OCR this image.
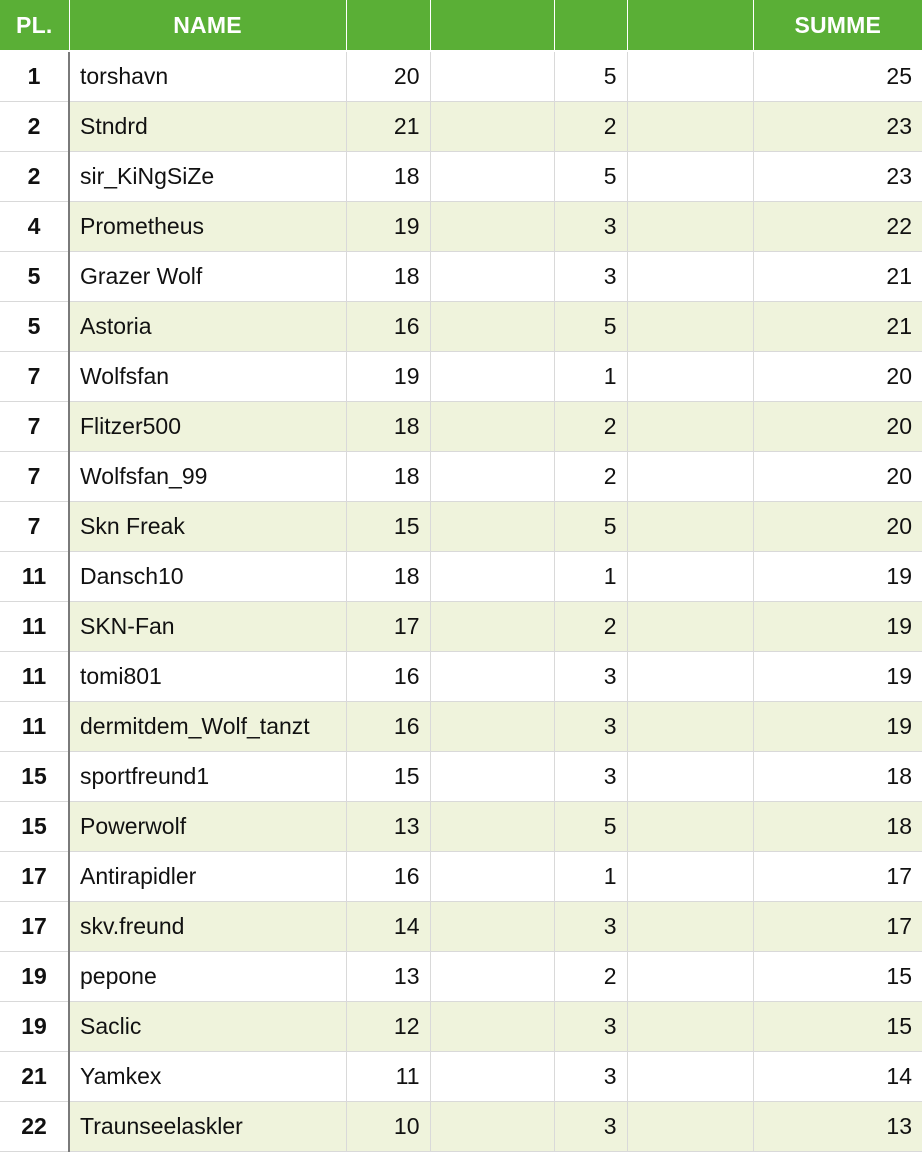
PL.	NAME					SUMME
1	torshavn	20		5		25
2	Stndrd	21		2		23
2	sir_KiNgSiZe	18		5		23
4	Prometheus	19		3		22
5	Grazer Wolf	18		3		21
5	Astoria	16		5		21
7	Wolfsfan	19		1		20
7	Flitzer500	18		2		20
7	Wolfsfan_99	18		2		20
7	Skn Freak	15		5		20
11	Dansch10	18		1		19
11	SKN-Fan	17		2		19
11	tomi801	16		3		19
11	dermitdem_Wolf_tanzt	16		3		19
15	sportfreund1	15		3		18
15	Powerwolf	13		5		18
17	Antirapidler	16		1		17
17	skv.freund	14		3		17
19	pepone	13		2		15
19	Saclic	12		3		15
21	Yamkex	11		3		14
22	Traunseelaskler	10		3		13
